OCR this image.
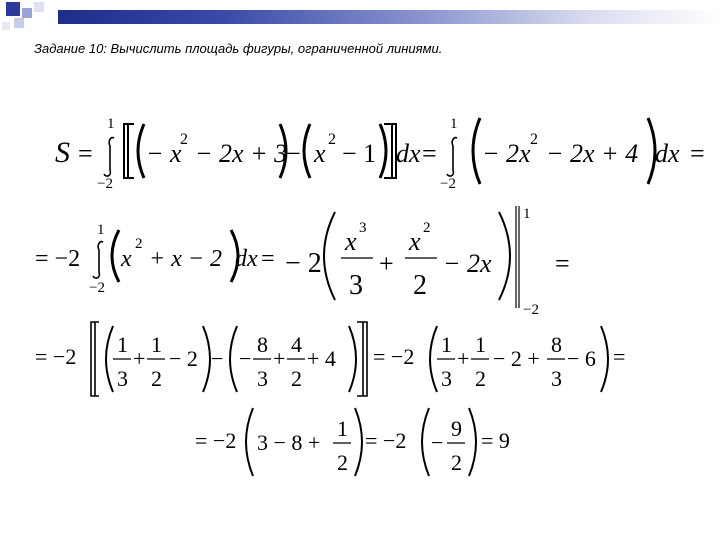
Задание 10: Вычислить площадь фигуры, ограниченной линиями.
S =
1
−2
− x
2 − 2x + 3
− x 2 − 1 dx =
1
−2
− 2x 2 − 2x + 4 dx =
= −2
1
−2
x
2
+ x − 2 dx = − 2
x 3
3
+
x 2
2
− 2x
1
−2
=
= −2 1
3
+
1
2
− 2 − −
8
3
+
4
2
+ 4 = −2 1
3
+
1
2
− 2 +
8
3
− 6 =
= −2 3 − 8 +
1
2
= −2 −
9
2
= 9
